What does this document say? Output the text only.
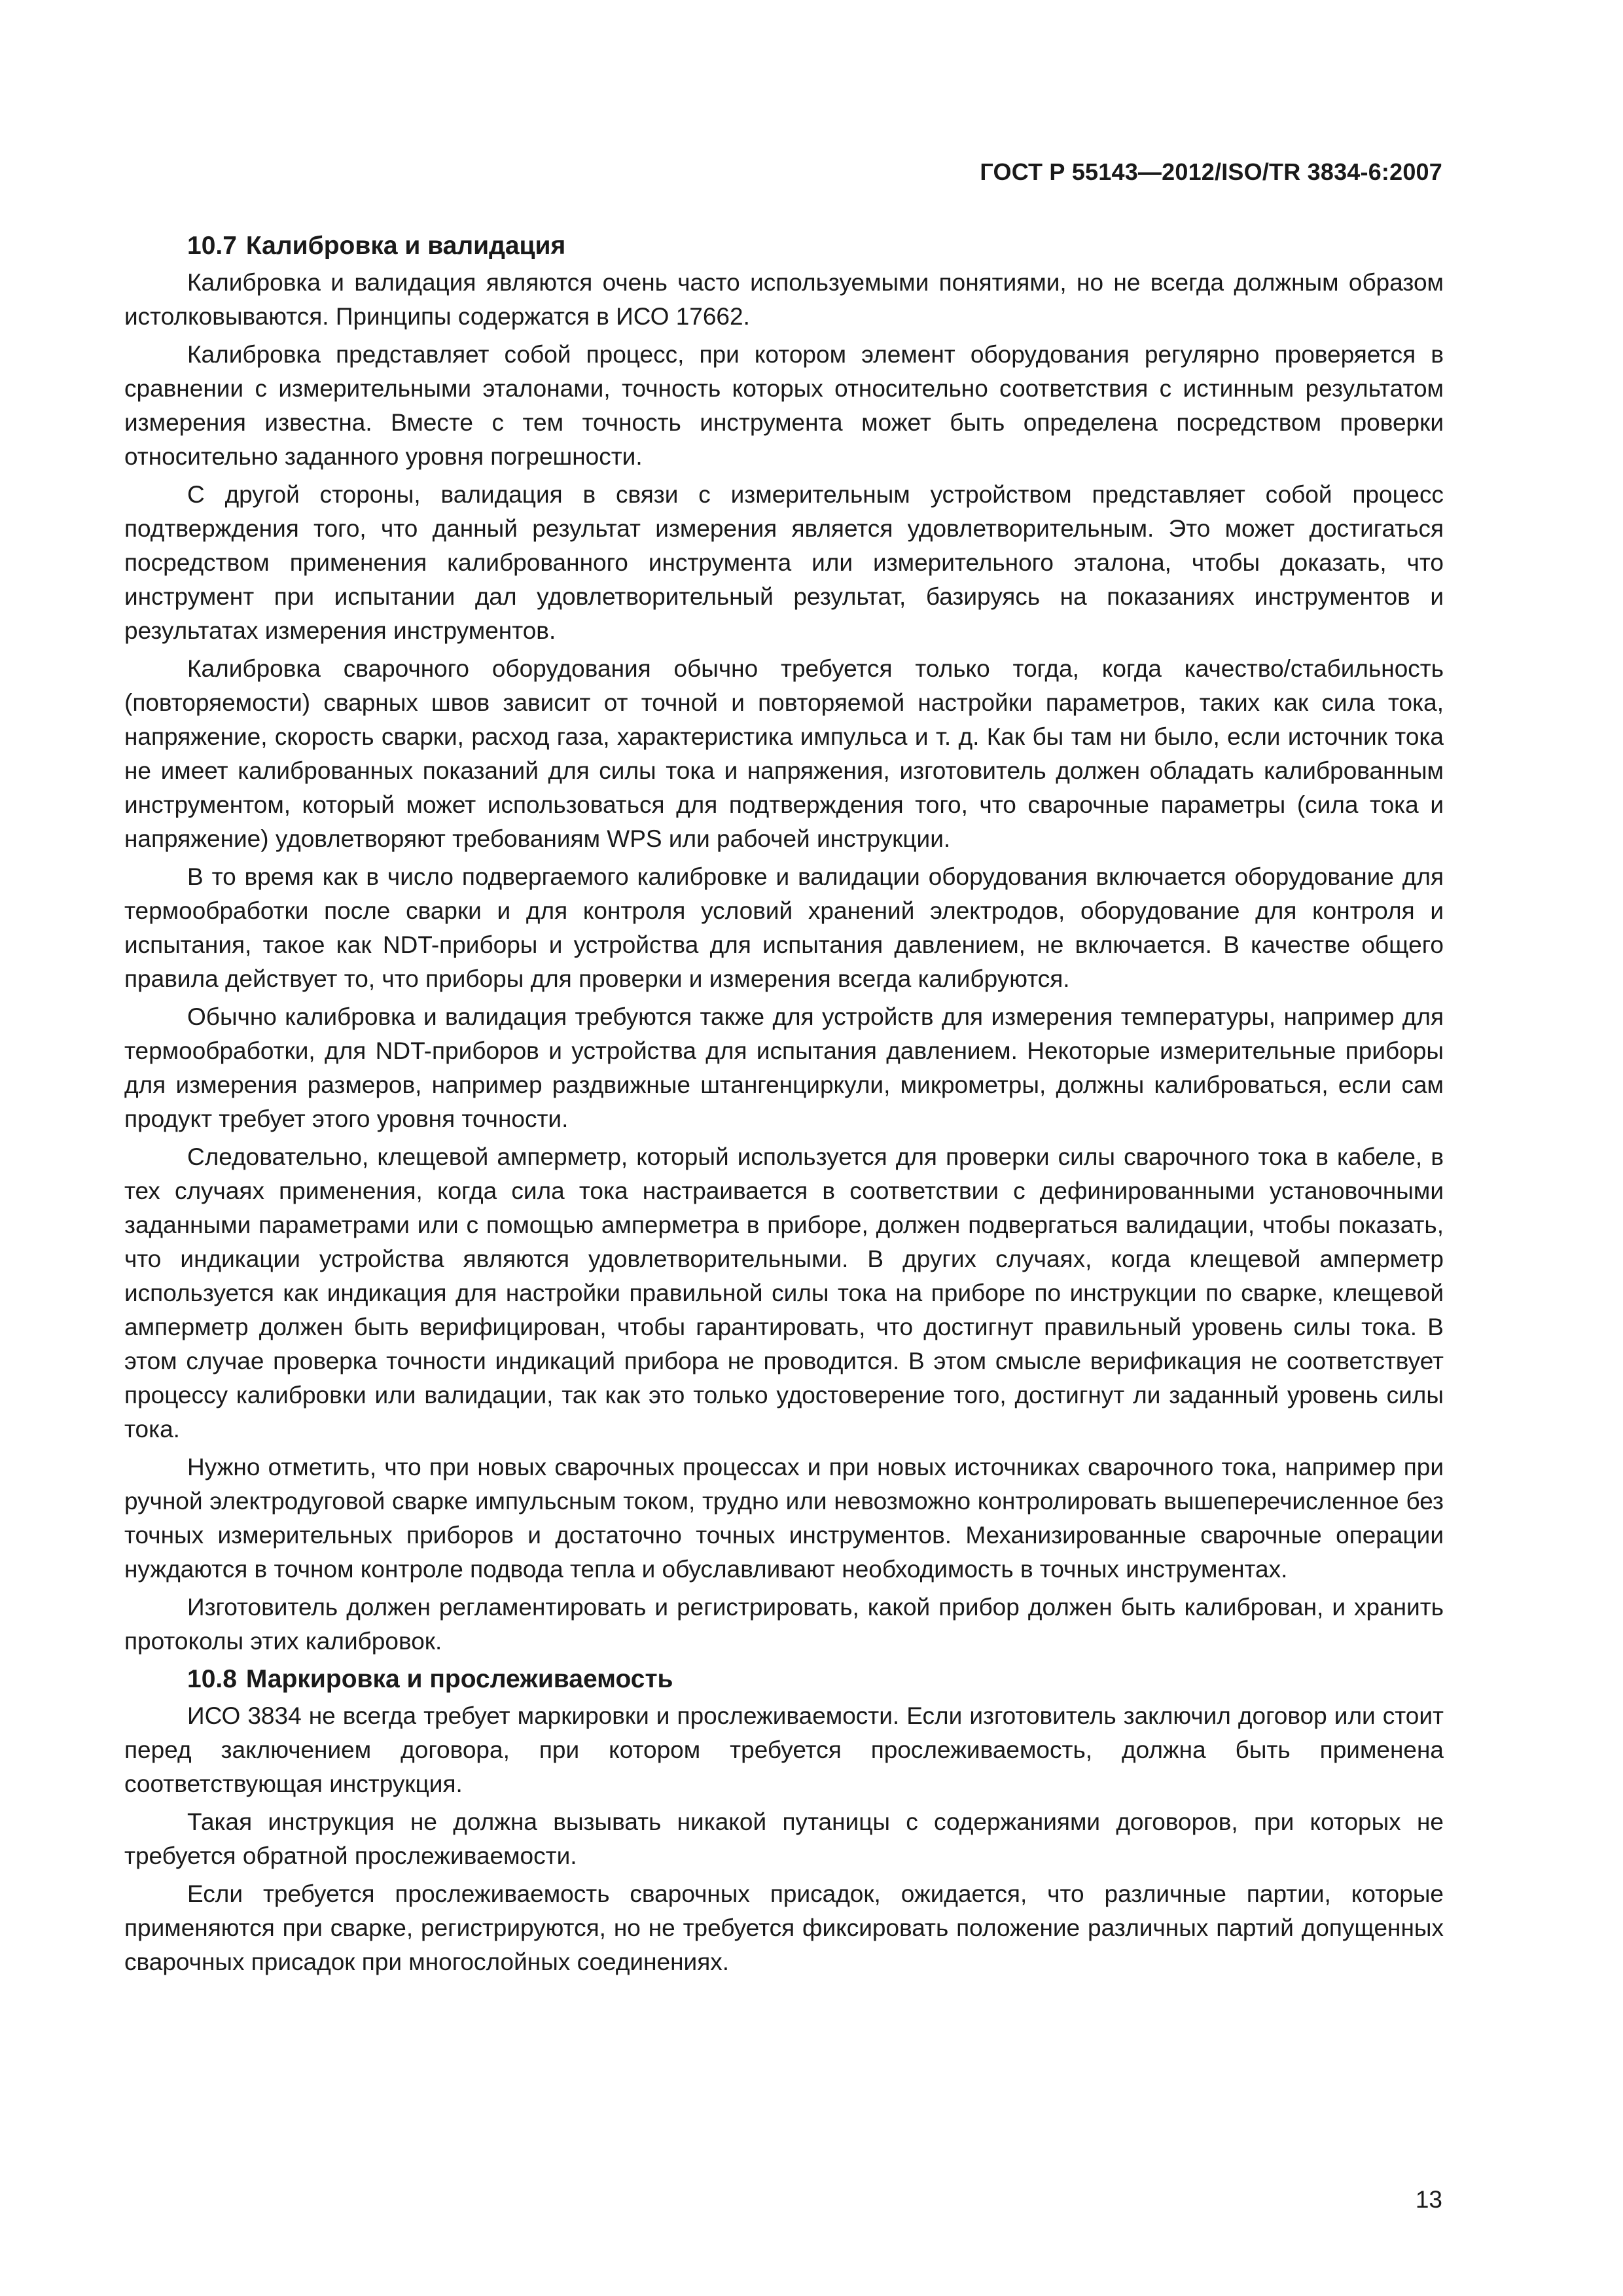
ГОСТ Р 55143—2012/ISO/TR 3834-6:2007
10.7 Калибровка и валидация

Калибровка и валидация являются очень часто используемыми понятиями, но не всегда должным образом истолковываются. Принципы содержатся в ИСО 17662.

Калибровка представляет собой процесс, при котором элемент оборудования регулярно проверяется в сравнении с измерительными эталонами, точность которых относительно соответствия с истинным результатом измерения известна. Вместе с тем точность инструмента может быть определена посредством проверки относительно заданного уровня погрешности.

С другой стороны, валидация в связи с измерительным устройством представляет собой процесс подтверждения того, что данный результат измерения является удовлетворительным. Это может достигаться посредством применения калиброванного инструмента или измерительного эталона, чтобы доказать, что инструмент при испытании дал удовлетворительный результат, базируясь на показаниях инструментов и результатах измерения инструментов.

Калибровка сварочного оборудования обычно требуется только тогда, когда качество/стабильность (повторяемости) сварных швов зависит от точной и повторяемой настройки параметров, таких как сила тока, напряжение, скорость сварки, расход газа, характеристика импульса и т. д. Как бы там ни было, если источник тока не имеет калиброванных показаний для силы тока и напряжения, изготовитель должен обладать калиброванным инструментом, который может использоваться для подтверждения того, что сварочные параметры (сила тока и напряжение) удовлетворяют требованиям WPS или рабочей инструкции.

В то время как в число подвергаемого калибровке и валидации оборудования включается оборудование для термообработки после сварки и для контроля условий хранений электродов, оборудование для контроля и испытания, такое как NDT-приборы и устройства для испытания давлением, не включается. В качестве общего правила действует то, что приборы для проверки и измерения всегда калибруются.

Обычно калибровка и валидация требуются также для устройств для измерения температуры, например для термообработки, для NDT-приборов и устройства для испытания давлением. Некоторые измерительные приборы для измерения размеров, например раздвижные штангенциркули, микрометры, должны калиброваться, если сам продукт требует этого уровня точности.

Следовательно, клещевой амперметр, который используется для проверки силы сварочного тока в кабеле, в тех случаях применения, когда сила тока настраивается в соответствии с дефинированными установочными заданными параметрами или с помощью амперметра в приборе, должен подвергаться валидации, чтобы показать, что индикации устройства являются удовлетворительными. В других случаях, когда клещевой амперметр используется как индикация для настройки правильной силы тока на приборе по инструкции по сварке, клещевой амперметр должен быть верифицирован, чтобы гарантировать, что достигнут правильный уровень силы тока. В этом случае проверка точности индикаций прибора не проводится. В этом смысле верификация не соответствует процессу калибровки или валидации, так как это только удостоверение того, достигнут ли заданный уровень силы тока.

Нужно отметить, что при новых сварочных процессах и при новых источниках сварочного тока, например при ручной электродуговой сварке импульсным током, трудно или невозможно контролировать вышеперечисленное без точных измерительных приборов и достаточно точных инструментов. Механизированные сварочные операции нуждаются в точном контроле подвода тепла и обуславливают необходимость в точных инструментах.

Изготовитель должен регламентировать и регистрировать, какой прибор должен быть калиброван, и хранить протоколы этих калибровок.

10.8 Маркировка и прослеживаемость

ИСО 3834 не всегда требует маркировки и прослеживаемости. Если изготовитель заключил договор или стоит перед заключением договора, при котором требуется прослеживаемость, должна быть применена соответствующая инструкция.

Такая инструкция не должна вызывать никакой путаницы с содержаниями договоров, при которых не требуется обратной прослеживаемости.

Если требуется прослеживаемость сварочных присадок, ожидается, что различные партии, которые применяются при сварке, регистрируются, но не требуется фиксировать положение различных партий допущенных сварочных присадок при многослойных соединениях.

13
